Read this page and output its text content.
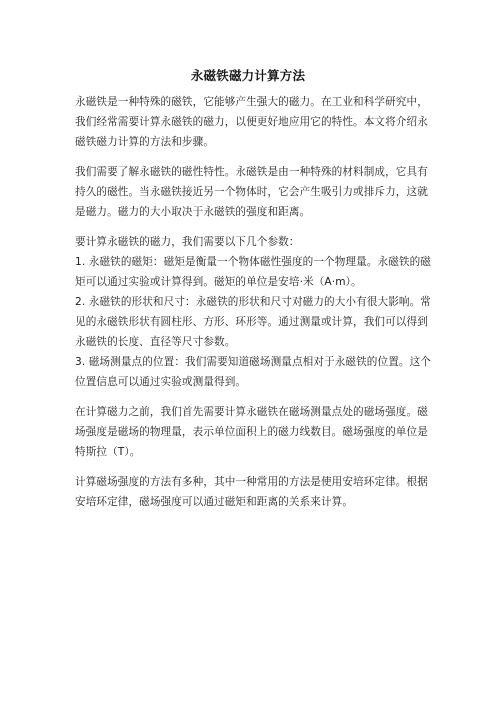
永磁铁磁力计算方法

永磁铁是一种特殊的磁铁，它能够产生强大的磁力。在工业和科学研究中，我们经常需要计算永磁铁的磁力，以便更好地应用它的特性。本文将介绍永磁铁磁力计算的方法和步骤。

我们需要了解永磁铁的磁性特性。永磁铁是由一种特殊的材料制成，它具有持久的磁性。当永磁铁接近另一个物体时，它会产生吸引力或排斥力，这就是磁力。磁力的大小取决于永磁铁的强度和距离。

要计算永磁铁的磁力，我们需要以下几个参数：

1. 永磁铁的磁矩：磁矩是衡量一个物体磁性强度的一个物理量。永磁铁的磁矩可以通过实验或计算得到。磁矩的单位是安培·米（A·m）。

2. 永磁铁的形状和尺寸：永磁铁的形状和尺寸对磁力的大小有很大影响。常见的永磁铁形状有圆柱形、方形、环形等。通过测量或计算，我们可以得到永磁铁的长度、直径等尺寸参数。

3. 磁场测量点的位置：我们需要知道磁场测量点相对于永磁铁的位置。这个位置信息可以通过实验或测量得到。

在计算磁力之前，我们首先需要计算永磁铁在磁场测量点处的磁场强度。磁场强度是磁场的物理量，表示单位面积上的磁力线数目。磁场强度的单位是特斯拉（T）。

计算磁场强度的方法有多种，其中一种常用的方法是使用安培环定律。根据安培环定律，磁场强度可以通过磁矩和距离的关系来计算。
